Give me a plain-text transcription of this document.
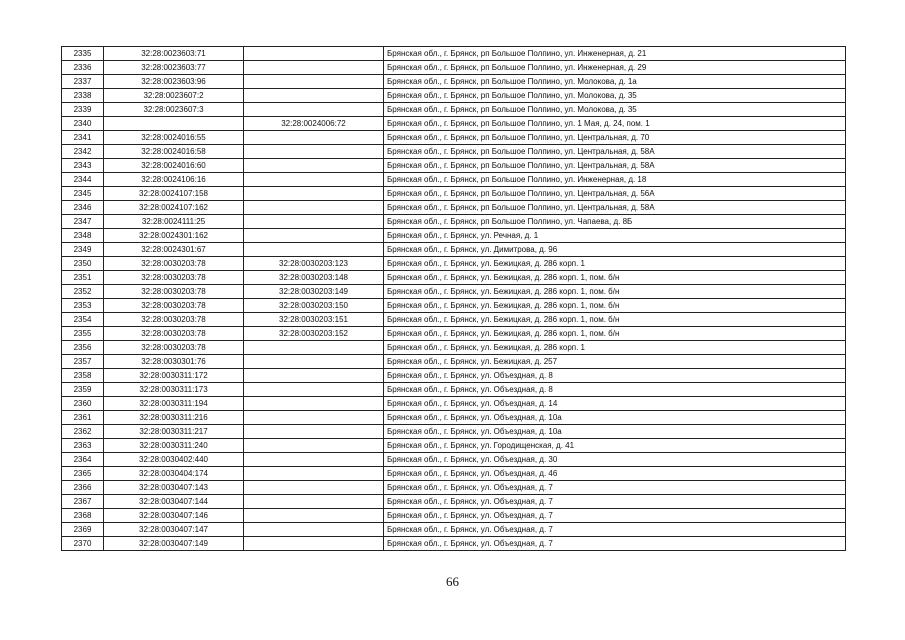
2335	32:28:0023603:71		Брянская обл., г. Брянск, рп Большое Полпино, ул. Инженерная, д. 21
2336	32:28:0023603:77		Брянская обл., г. Брянск, рп Большое Полпино, ул. Инженерная, д. 29
2337	32:28:0023603:96		Брянская обл., г. Брянск, рп Большое Полпино, ул. Молокова, д. 1а
2338	32:28:0023607:2		Брянская обл., г. Брянск, рп Большое Полпино, ул. Молокова, д. 35
2339	32:28:0023607:3		Брянская обл., г. Брянск, рп Большое Полпино, ул. Молокова, д. 35
2340		32:28:0024006:72	Брянская обл., г. Брянск, рп Большое Полпино, ул. 1 Мая, д. 24, пом. 1
2341	32:28:0024016:55		Брянская обл., г. Брянск, рп Большое Полпино, ул. Центральная, д. 70
2342	32:28:0024016:58		Брянская обл., г. Брянск, рп Большое Полпино, ул. Центральная, д. 58А
2343	32:28:0024016:60		Брянская обл., г. Брянск, рп Большое Полпино, ул. Центральная, д. 58А
2344	32:28:0024106:16		Брянская обл., г. Брянск, рп Большое Полпино, ул. Инженерная, д. 18
2345	32:28:0024107:158		Брянская обл., г. Брянск, рп Большое Полпино, ул. Центральная, д. 56А
2346	32:28:0024107:162		Брянская обл., г. Брянск, рп Большое Полпино, ул. Центральная, д. 58А
2347	32:28:0024111:25		Брянская обл., г. Брянск, рп Большое Полпино, ул. Чапаева, д. 8Б
2348	32:28:0024301:162		Брянская обл., г. Брянск, ул. Речная, д. 1
2349	32:28:0024301:67		Брянская обл., г. Брянск, ул. Димитрова, д. 96
2350	32:28:0030203:78	32:28:0030203:123	Брянская обл., г. Брянск, ул. Бежицкая, д. 286 корп. 1
2351	32:28:0030203:78	32:28:0030203:148	Брянская обл., г. Брянск, ул. Бежицкая, д. 286 корп. 1, пом. б/н
2352	32:28:0030203:78	32:28:0030203:149	Брянская обл., г. Брянск, ул. Бежицкая, д. 286 корп. 1, пом. б/н
2353	32:28:0030203:78	32:28:0030203:150	Брянская обл., г. Брянск, ул. Бежицкая, д. 286 корп. 1, пом. б/н
2354	32:28:0030203:78	32:28:0030203:151	Брянская обл., г. Брянск, ул. Бежицкая, д. 286 корп. 1, пом. б/н
2355	32:28:0030203:78	32:28:0030203:152	Брянская обл., г. Брянск, ул. Бежицкая, д. 286 корп. 1, пом. б/н
2356	32:28:0030203:78		Брянская обл., г. Брянск, ул. Бежицкая, д. 286 корп. 1
2357	32:28:0030301:76		Брянская обл., г. Брянск, ул. Бежицкая, д. 257
2358	32:28:0030311:172		Брянская обл., г. Брянск, ул. Объездная, д. 8
2359	32:28:0030311:173		Брянская обл., г. Брянск, ул. Объездная, д. 8
2360	32:28:0030311:194		Брянская обл., г. Брянск, ул. Объездная, д. 14
2361	32:28:0030311:216		Брянская обл., г. Брянск, ул. Объездная, д. 10а
2362	32:28:0030311:217		Брянская обл., г. Брянск, ул. Объездная, д. 10а
2363	32:28:0030311:240		Брянская обл., г. Брянск, ул. Городищенская, д. 41
2364	32:28:0030402:440		Брянская обл., г. Брянск, ул. Объездная, д. 30
2365	32:28:0030404:174		Брянская обл., г. Брянск, ул. Объездная, д. 46
2366	32:28:0030407:143		Брянская обл., г. Брянск, ул. Объездная, д. 7
2367	32:28:0030407:144		Брянская обл., г. Брянск, ул. Объездная, д. 7
2368	32:28:0030407:146		Брянская обл., г. Брянск, ул. Объездная, д. 7
2369	32:28:0030407:147		Брянская обл., г. Брянск, ул. Объездная, д. 7
2370	32:28:0030407:149		Брянская обл., г. Брянск, ул. Объездная, д. 7
66
